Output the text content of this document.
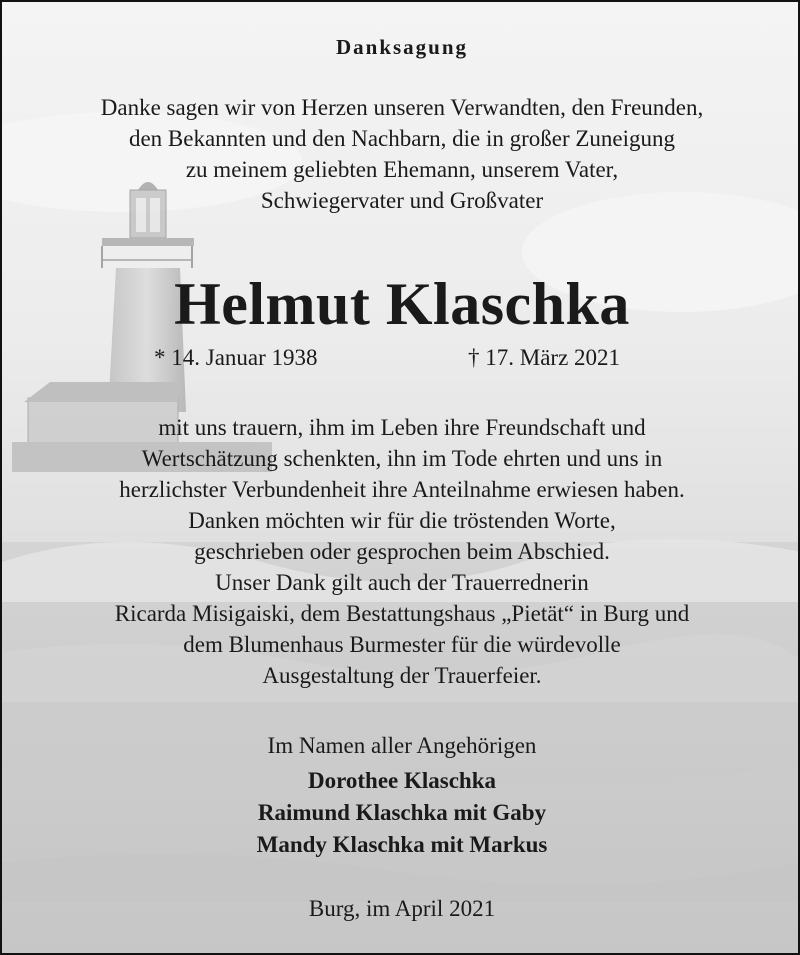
Danksagung
Danke sagen wir von Herzen unseren Verwandten, den Freunden,
den Bekannten und den Nachbarn, die in großer Zuneigung
zu meinem geliebten Ehemann, unserem Vater,
Schwiegervater und Großvater
Helmut Klaschka
* 14. Januar 1938	† 17. März 2021
mit uns trauern, ihm im Leben ihre Freundschaft und
Wertschätzung schenkten, ihn im Tode ehrten und uns in
herzlichster Verbundenheit ihre Anteilnahme erwiesen haben.
Danken möchten wir für die tröstenden Worte,
geschrieben oder gesprochen beim Abschied.
Unser Dank gilt auch der Trauerrednerin
Ricarda Misigaiski, dem Bestattungshaus „Pietät“ in Burg und
dem Blumenhaus Burmester für die würdevolle
Ausgestaltung der Trauerfeier.
Im Namen aller Angehörigen
Dorothee Klaschka
Raimund Klaschka mit Gaby
Mandy Klaschka mit Markus
Burg, im April 2021
